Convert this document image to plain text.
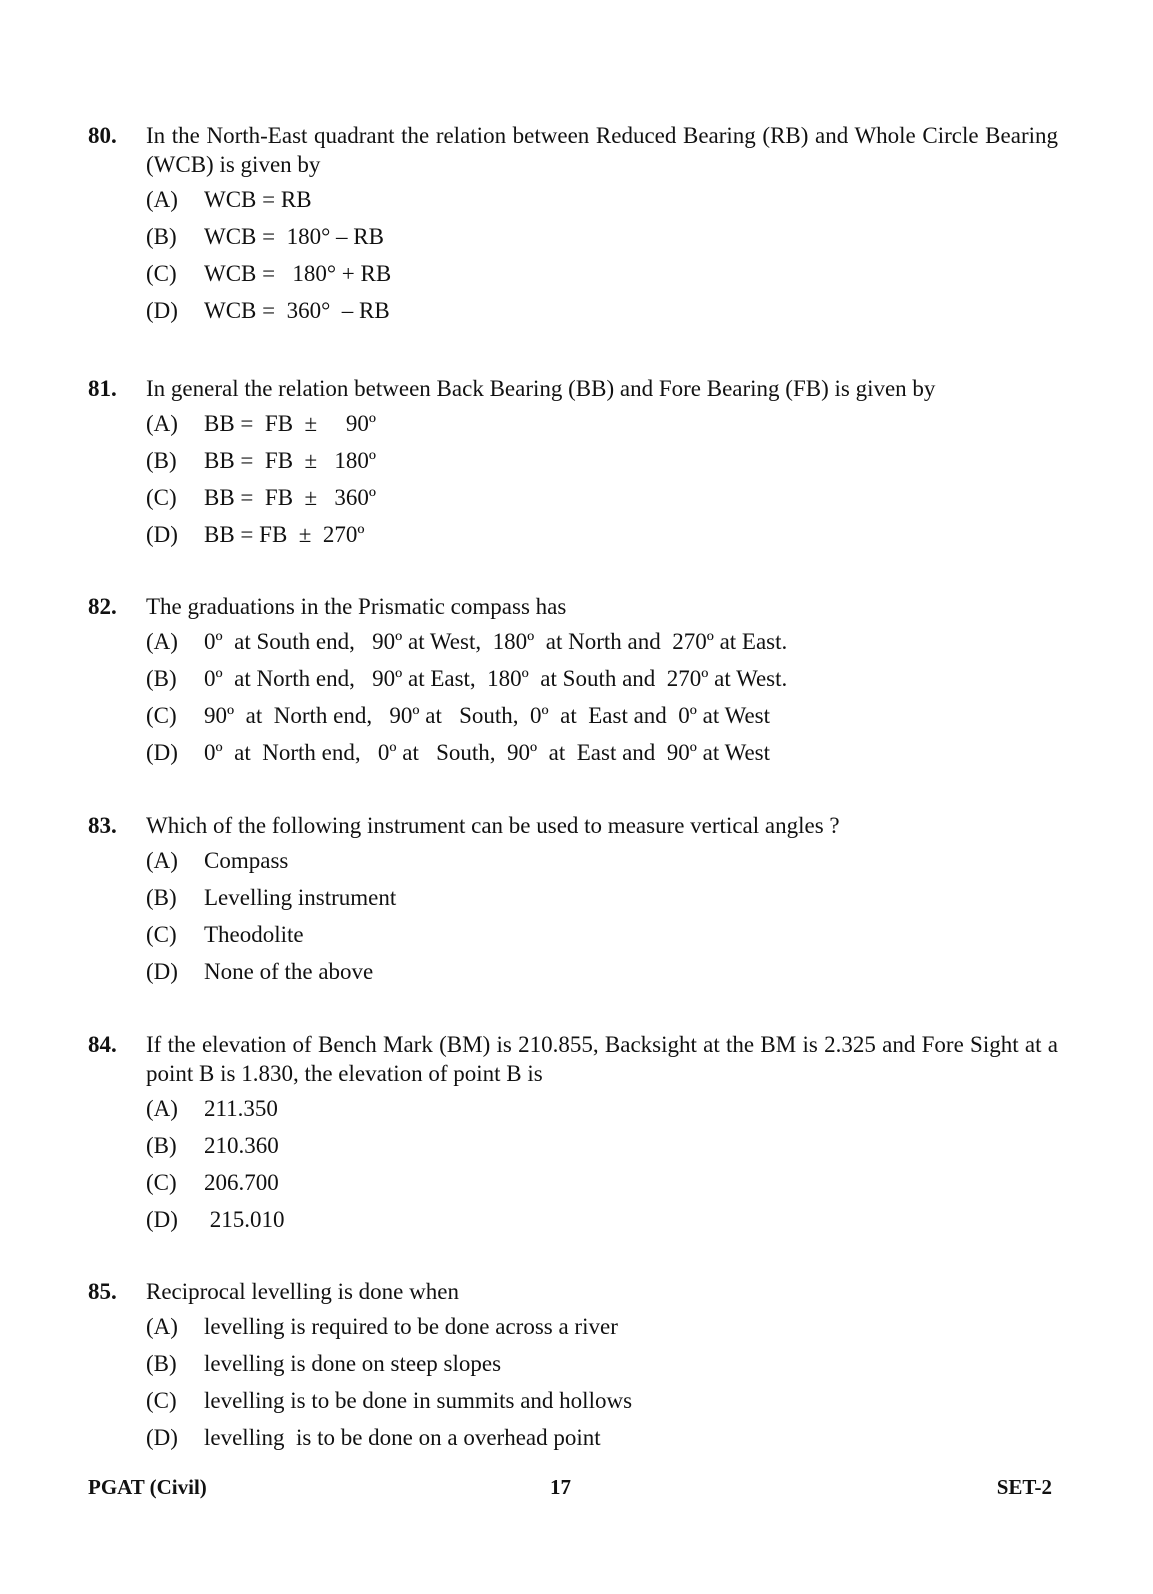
80.	In the North-East quadrant the relation between Reduced Bearing (RB) and Whole Circle Bearing (WCB) is given by
(A)	WCB = RB
(B)	WCB =  180° – RB
(C)	WCB =   180° + RB
(D)	WCB =  360°  – RB
81.	In general the relation between Back Bearing (BB) and Fore Bearing (FB) is given by
(A)	BB =  FB  ±     90º
(B)	BB =  FB  ±   180º
(C)	BB =  FB  ±   360º
(D)	BB = FB  ±  270º
82.	The graduations in the Prismatic compass has
(A)	0º  at South end,   90º at West,  180º  at North and  270º at East.
(B)	0º  at North end,   90º at East,  180º  at South and  270º at West.
(C)	90º  at  North end,   90º at   South,  0º  at  East and  0º at West
(D)	0º  at  North end,   0º at   South,  90º  at  East and  90º at West
83.	Which of the following instrument can be used to measure vertical angles ?
(A)	Compass
(B)	Levelling instrument
(C)	Theodolite
(D)	None of the above
84.	If the elevation of Bench Mark (BM) is 210.855, Backsight at the BM is 2.325 and Fore Sight at a point B is 1.830, the elevation of point B is
(A)	211.350
(B)	210.360
(C)	206.700
(D)	215.010
85.	Reciprocal levelling is done when
(A)	levelling is required to be done across a river
(B)	levelling is done on steep slopes
(C)	levelling is to be done in summits and hollows
(D)	levelling  is to be done on a overhead point
PGAT (Civil)	17	SET-2
